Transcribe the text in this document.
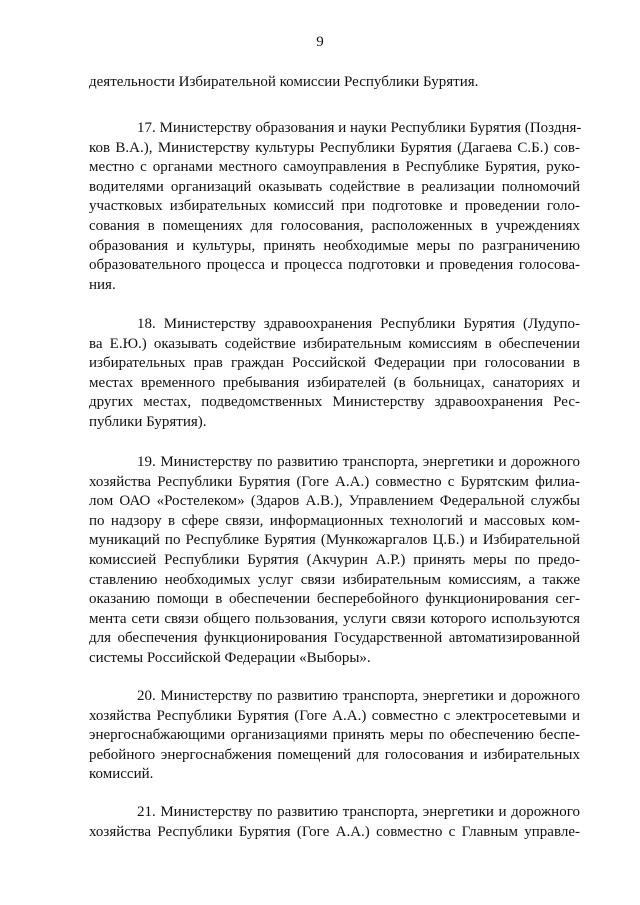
9
деятельности Избирательной комиссии Республики Бурятия.
17. Министерству образования и науки Республики Бурятия (Поздня-
ков В.А.), Министерству культуры Республики Бурятия (Дагаева С.Б.) сов-
местно с органами местного самоуправления в Республике Бурятия, руко-
водителями организаций оказывать содействие в реализации полномочий
участковых избирательных комиссий при подготовке и проведении голо-
сования в помещениях для голосования, расположенных в учреждениях
образования и культуры, принять необходимые меры по разграничению
образовательного процесса и процесса подготовки и проведения голосова-
ния.
18. Министерству здравоохранения Республики Бурятия (Лудупо-
ва Е.Ю.) оказывать содействие избирательным комиссиям в обеспечении
избирательных прав граждан Российской Федерации при голосовании в
местах временного пребывания избирателей (в больницах, санаториях и
других местах, подведомственных Министерству здравоохранения Рес-
публики Бурятия).
19. Министерству по развитию транспорта, энергетики и дорожного
хозяйства Республики Бурятия (Гоге А.А.) совместно с Бурятским филиа-
лом ОАО «Ростелеком» (Здаров А.В.), Управлением Федеральной службы
по надзору в сфере связи, информационных технологий и массовых ком-
муникаций по Республике Бурятия (Мункожаргалов Ц.Б.) и Избирательной
комиссией Республики Бурятия (Акчурин А.Р.) принять меры по предо-
ставлению необходимых услуг связи избирательным комиссиям, а также
оказанию помощи в обеспечении бесперебойного функционирования сег-
мента сети связи общего пользования, услуги связи которого используются
для обеспечения функционирования Государственной автоматизированной
системы Российской Федерации «Выборы».
20. Министерству по развитию транспорта, энергетики и дорожного
хозяйства Республики Бурятия (Гоге А.А.) совместно с электросетевыми и
энергоснабжающими организациями принять меры по обеспечению беспе-
ребойного энергоснабжения помещений для голосования и избирательных
комиссий.
21. Министерству по развитию транспорта, энергетики и дорожного
хозяйства Республики Бурятия (Гоге А.А.) совместно с Главным управле-
